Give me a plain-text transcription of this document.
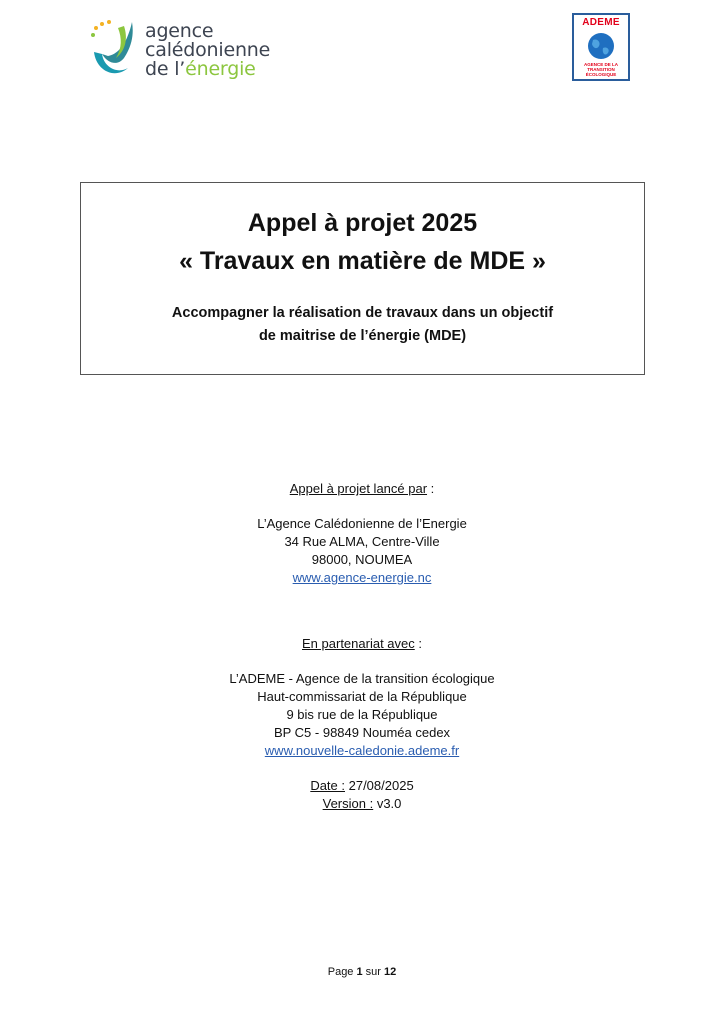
agence
calédonienne
de l’énergie
ADEME
AGENCE DE LA
TRANSITION
ÉCOLOGIQUE
Appel à projet 2025
« Travaux en matière de MDE »
Accompagner la réalisation de travaux dans un objectif
de maitrise de l’énergie (MDE)
Appel à projet lancé par :
L’Agence Calédonienne de l’Energie
34 Rue ALMA, Centre-Ville
98000, NOUMEA
www.agence-energie.nc
En partenariat avec :
L’ADEME - Agence de la transition écologique
Haut-commissariat de la République
9 bis rue de la République
BP C5 - 98849 Nouméa cedex
www.nouvelle-caledonie.ademe.fr
Date : 27/08/2025
Version : v3.0
Page 1 sur 12
